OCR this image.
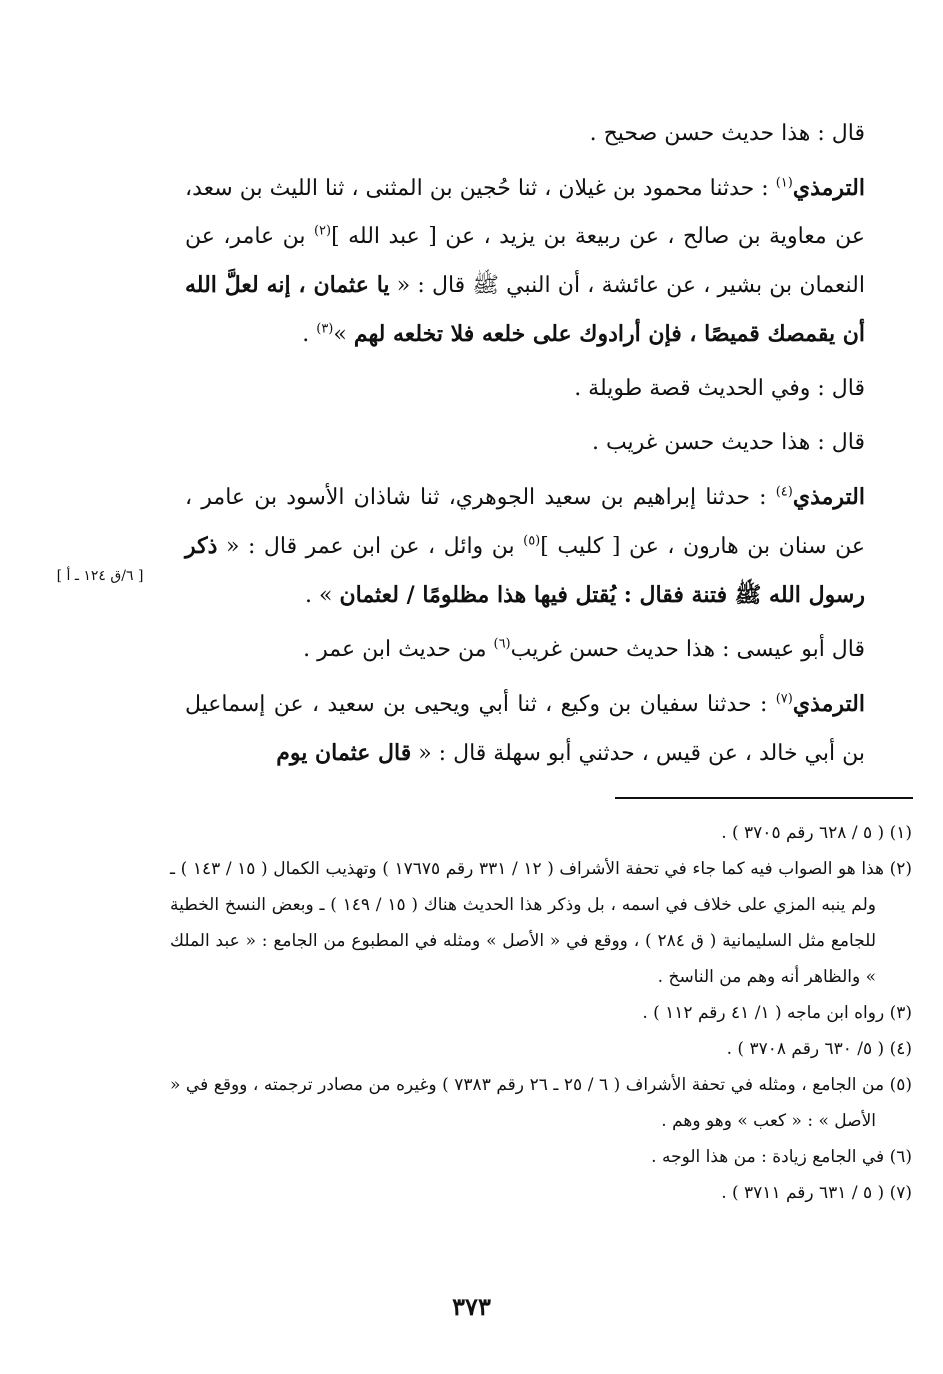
قال : هذا حديث حسن صحيح .

الترمذي$^{(١)}$ : حدثنا محمود بن غيلان ، ثنا حُجين بن المثنى ، ثنا الليث بن سعد، عن معاوية بن صالح ، عن ربيعة بن يزيد ، عن [ عبد الله ]$^{(٢)}$ بن عامر، عن النعمان بن بشير ، عن عائشة ، أن النبي ﷺ قال : « يا عثمان ، إنه لعلَّ الله أن يقمصك قميصًا ، فإن أرادوك على خلعه فلا تخلعه لهم »$^{(٣)}$ .

قال : وفي الحديث قصة طويلة .

قال : هذا حديث حسن غريب .

الترمذي$^{(٤)}$ : حدثنا إبراهيم بن سعيد الجوهري، ثنا شاذان الأسود بن عامر ، عن سنان بن هارون ، عن [ كليب ]$^{(٥)}$ بن وائل ، عن ابن عمر قال : « ذكر رسول الله ﷺ فتنة فقال : يُقتل فيها هذا مظلومًا / لعثمان » .

قال أبو عيسى : هذا حديث حسن غريب$^{(٦)}$ من حديث ابن عمر .

الترمذي$^{(٧)}$ : حدثنا سفيان بن وكيع ، ثنا أبي ويحيى بن سعيد ، عن إسماعيل بن أبي خالد ، عن قيس ، حدثني أبو سهلة قال : « قال عثمان يوم

[ ٦/ق ١٢٤ ـ أ ]

(١) ( ٥ / ٦٢٨ رقم ٣٧٠٥ ) .

(٢) هذا هو الصواب فيه كما جاء في تحفة الأشراف ( ١٢ / ٣٣١ رقم ١٧٦٧٥ ) وتهذيب الكمال ( ١٥ / ١٤٣ ) ـ ولم ينبه المزي على خلاف في اسمه ، بل وذكر هذا الحديث هناك ( ١٥ / ١٤٩ ) ـ وبعض النسخ الخطية للجامع مثل السليمانية ( ق ٢٨٤ ) ، ووقع في « الأصل » ومثله في المطبوع من الجامع : « عبد الملك » والظاهر أنه وهم من الناسخ .

(٣) رواه ابن ماجه ( ١/ ٤١ رقم ١١٢ ) .

(٤) ( ٥/ ٦٣٠ رقم ٣٧٠٨ ) .

(٥) من الجامع ، ومثله في تحفة الأشراف ( ٦ / ٢٥ ـ ٢٦ رقم ٧٣٨٣ ) وغيره من مصادر ترجمته ، ووقع في « الأصل » : « كعب » وهو وهم .

(٦) في الجامع زيادة : من هذا الوجه .

(٧) ( ٥ / ٦٣١ رقم ٣٧١١ ) .

٣٧٣
